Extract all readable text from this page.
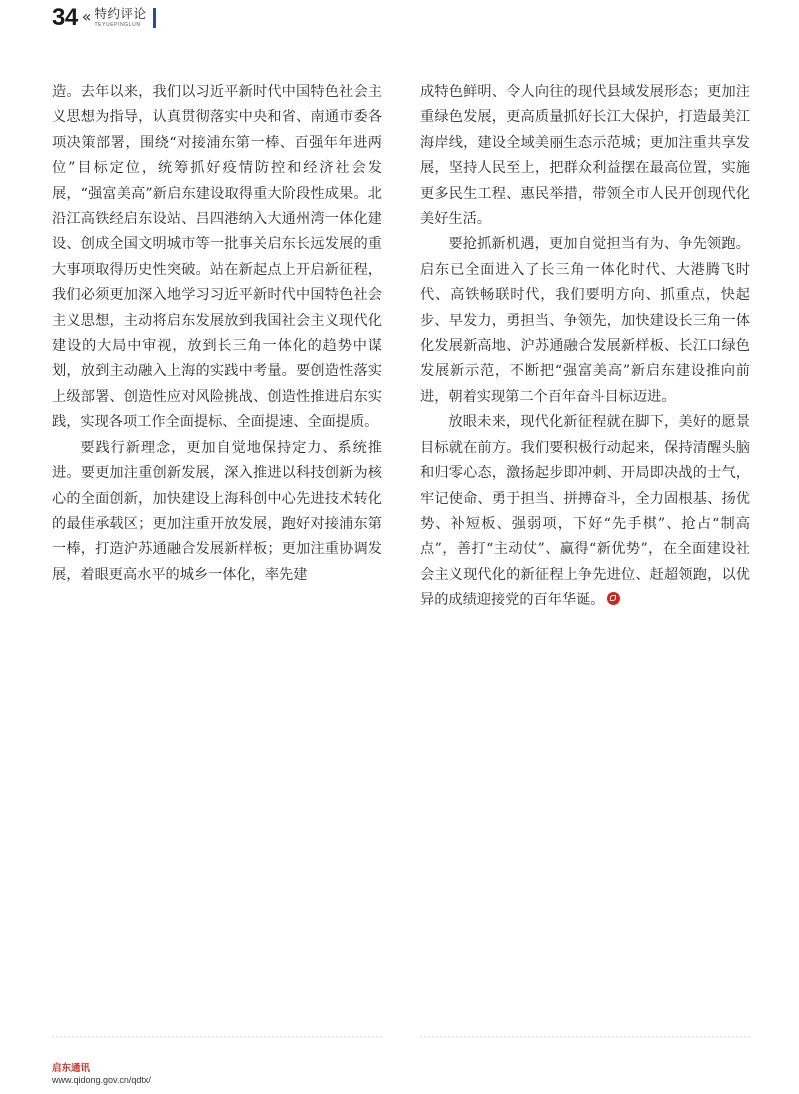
34 « 特约评论
TEYUEPINGLUN

造。去年以来，我们以习近平新时代中国特色社会主义思想为指导，认真贯彻落实中央和省、南通市委各项决策部署，围绕“对接浦东第一棒、百强年年进两位”目标定位，统筹抓好疫情防控和经济社会发展，“强富美高”新启东建设取得重大阶段性成果。北沿江高铁经启东设站、吕四港纳入大通州湾一体化建设、创成全国文明城市等一批事关启东长远发展的重大事项取得历史性突破。站在新起点上开启新征程，我们必须更加深入地学习习近平新时代中国特色社会主义思想，主动将启东发展放到我国社会主义现代化建设的大局中审视，放到长三角一体化的趋势中谋划，放到主动融入上海的实践中考量。要创造性落实上级部署、创造性应对风险挑战、创造性推进启东实践，实现各项工作全面提标、全面提速、全面提质。

要践行新理念，更加自觉地保持定力、系统推进。要更加注重创新发展，深入推进以科技创新为核心的全面创新，加快建设上海科创中心先进技术转化的最佳承载区；更加注重开放发展，跑好对接浦东第一棒，打造沪苏通融合发展新样板；更加注重协调发展，着眼更高水平的城乡一体化，率先建

成特色鲜明、令人向往的现代县域发展形态；更加注重绿色发展，更高质量抓好长江大保护，打造最美江海岸线，建设全域美丽生态示范城；更加注重共享发展，坚持人民至上，把群众利益摆在最高位置，实施更多民生工程、惠民举措，带领全市人民开创现代化美好生活。

要抢抓新机遇，更加自觉担当有为、争先领跑。启东已全面进入了长三角一体化时代、大港腾飞时代、高铁畅联时代，我们要明方向、抓重点，快起步、早发力，勇担当、争领先，加快建设长三角一体化发展新高地、沪苏通融合发展新样板、长江口绿色发展新示范，不断把“强富美高”新启东建设推向前进，朝着实现第二个百年奋斗目标迈进。

放眼未来，现代化新征程就在脚下，美好的愿景目标就在前方。我们要积极行动起来，保持清醒头脑和归零心态，激扬起步即冲刺、开局即决战的士气，牢记使命、勇于担当、拼搏奋斗，全力固根基、扬优势、补短板、强弱项，下好“先手棋”、抢占“制高点”，善打“主动仗”、赢得“新优势”，在全面建设社会主义现代化的新征程上争先进位、赶超领跑，以优异的成绩迎接党的百年华诞。

启东通讯
www.qidong.gov.cn/qdtx/
